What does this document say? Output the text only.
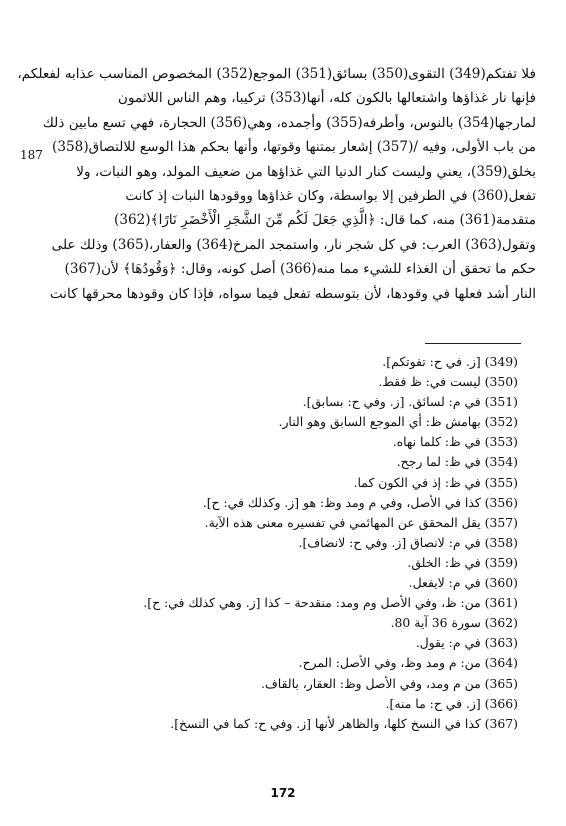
فلا تفتكم(349) التقوى(350) بسائق(351) الموجع(352) المخصوص المناسب عذابه لفعلكم،
فإنها نار غذاؤها واشتعالها بالكون كله، أنها(353) تركيبا، وهم الناس اللاثمون
لمارجها(354) بالنوس، وأطرفه(355) وأجمده، وهي(356) الحجارة، فهي تسع مابين ذلك
من باب الأولى، وفيه /(357) إشعار بمتنها وقوتها، وأنها بحكم هذا الوسع للالتصاق(358)
بخلق(359)، يعني وليست كنار الدنيا التي غذاؤها من ضعيف المولد، وهو النبات، ولا
تفعل(360) في الطرفين إلا بواسطة، وكان غذاؤها ووقودها النبات إذ كانت
متقدمة(361) منه، كما قال: ﴿الَّذِي جَعَلَ لَكُم مِّنَ الشَّجَرِ الْأَخْضَرِ نَارًا﴾(362)
وتقول(363) العرب: في كل شجر نار، واستمجد المرخ(364) والعفار،(365) وذلك على
حكم ما تحقق أن الغذاء للشيء مما منه(366) أصل كونه، وقال: ﴿وَقُودُهَا﴾ لأن(367)
النار أشد فعلها في وقودها، لأن بتوسطه تفعل فيما سواه، فإذا كان وقودها محرقها كانت
187
(349) [ز. في ح: تفوتكم].
(350) ليست في: ظ فقط.
(351) في م: لسائق. [ز. وفي ح: بسابق].
(352) بهامش ظ: أي الموجع السابق وهو النار.
(353) في ظ: كلما نهاه.
(354) في ظ: لما رجح.
(355) في ظ: إذ في الكون كما.
(356) كذا في الأصل، وفي م ومد وظ: هو [ز. وكذلك في: ح].
(357) يقل المحقق عن المهائمي في تفسيره معنى هذه الآية.
(358) في م: لانصاق [ز. وفي ح: لانضاف].
(359) في ظ: الخلق.
(360) في م: لايفعل.
(361) من: ظ، وفي الأصل وم ومد: منقدحة – كذا [ز. وهي كذلك في: ح].
(362) سورة 36 آية 80.
(363) في م: يقول.
(364) من: م ومد وظ، وفي الأصل: المرح.
(365) من م ومد، وفي الأصل وظ: العقار، بالقاف.
(366) [ز. في ح: ما منه].
(367) كذا في النسخ كلها، والظاهر لأنها [ز. وفي ح: كما في النسخ].
172
